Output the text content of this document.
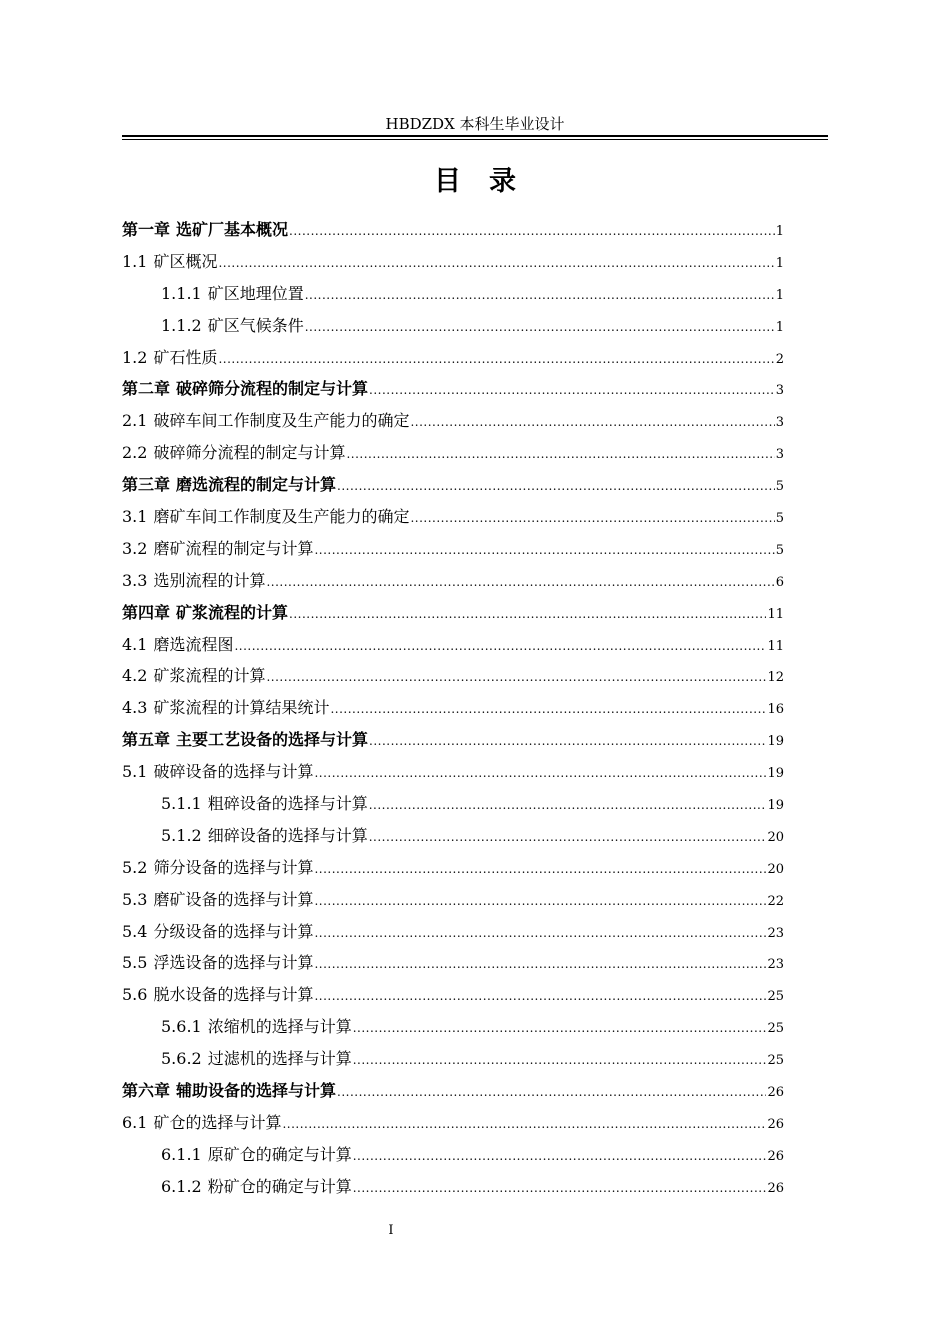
HBDZDX 本科生毕业设计
目录
第一章 选矿厂基本概况 .....	1
1.1 矿区概况 .....	1
1.1.1 矿区地理位置 .....	1
1.1.2 矿区气候条件 .....	1
1.2 矿石性质 .....	2
第二章 破碎筛分流程的制定与计算 .....	3
2.1 破碎车间工作制度及生产能力的确定 .....	3
2.2 破碎筛分流程的制定与计算 .....	3
第三章 磨选流程的制定与计算 .....	5
3.1 磨矿车间工作制度及生产能力的确定 .....	5
3.2 磨矿流程的制定与计算 .....	5
3.3 选别流程的计算 .....	6
第四章 矿浆流程的计算 .....	11
4.1 磨选流程图 .....	11
4.2 矿浆流程的计算 .....	12
4.3 矿浆流程的计算结果统计 .....	16
第五章 主要工艺设备的选择与计算 .....	19
5.1 破碎设备的选择与计算 .....	19
5.1.1 粗碎设备的选择与计算 .....	19
5.1.2 细碎设备的选择与计算 .....	20
5.2 筛分设备的选择与计算 .....	20
5.3 磨矿设备的选择与计算 .....	22
5.4 分级设备的选择与计算 .....	23
5.5 浮选设备的选择与计算 .....	23
5.6 脱水设备的选择与计算 .....	25
5.6.1 浓缩机的选择与计算 .....	25
5.6.2 过滤机的选择与计算 .....	25
第六章 辅助设备的选择与计算 .....	26
6.1 矿仓的选择与计算 .....	26
6.1.1 原矿仓的确定与计算 .....	26
6.1.2 粉矿仓的确定与计算 .....	26
I
